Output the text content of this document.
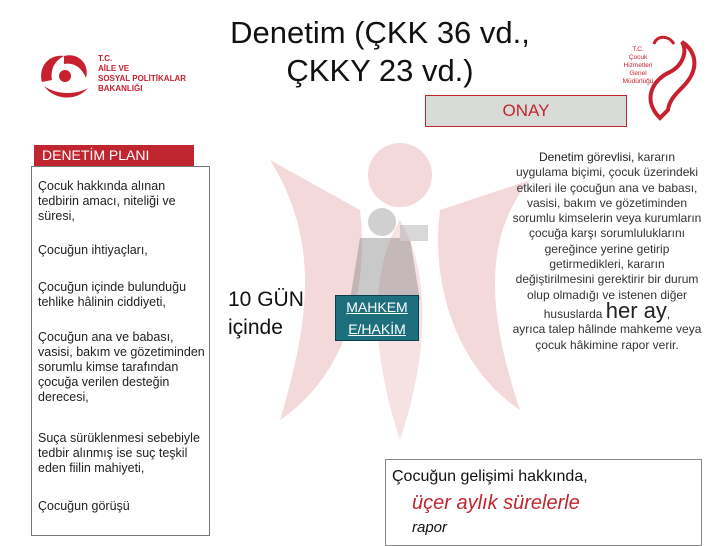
Denetim (ÇKK 36 vd.,
ÇKKY 23 vd.)
T.C.
AİLE VE
SOSYAL POLİTİKALAR
BAKANLIĞI
T.C.
Çocuk
Hizmetleri
Genel
Müdürlüğü
ONAY
DENETİM PLANI
Çocuk hakkında alınan tedbirin amacı, niteliği ve süresi,
Çocuğun ihtiyaçları,
Çocuğun içinde bulunduğu tehlike hâlinin ciddiyeti,
Çocuğun ana ve babası, vasisi, bakım ve gözetiminden sorumlu kimse tarafından çocuğa verilen desteğin derecesi,
Suça sürüklenmesi sebebiyle tedbir alınmış ise suç teşkil eden fiilin mahiyeti,
Çocuğun görüşü
10 GÜN
içinde
MAHKEM
E/HAKİM
Denetim görevlisi, kararın uygulama biçimi, çocuk üzerindeki etkileri ile çocuğun ana ve babası, vasisi, bakım ve gözetiminden sorumlu kimselerin veya kurumların çocuğa karşı sorumluluklarını gereğince yerine getirip getirmedikleri, kararın değiştirilmesini gerektirir bir durum olup olmadığı ve istenen diğer hususlarda her ay,
ayrıca talep hâlinde mahkeme veya çocuk hâkimine rapor verir.
Çocuğun gelişimi hakkında,
üçer aylık sürelerle
rapor
